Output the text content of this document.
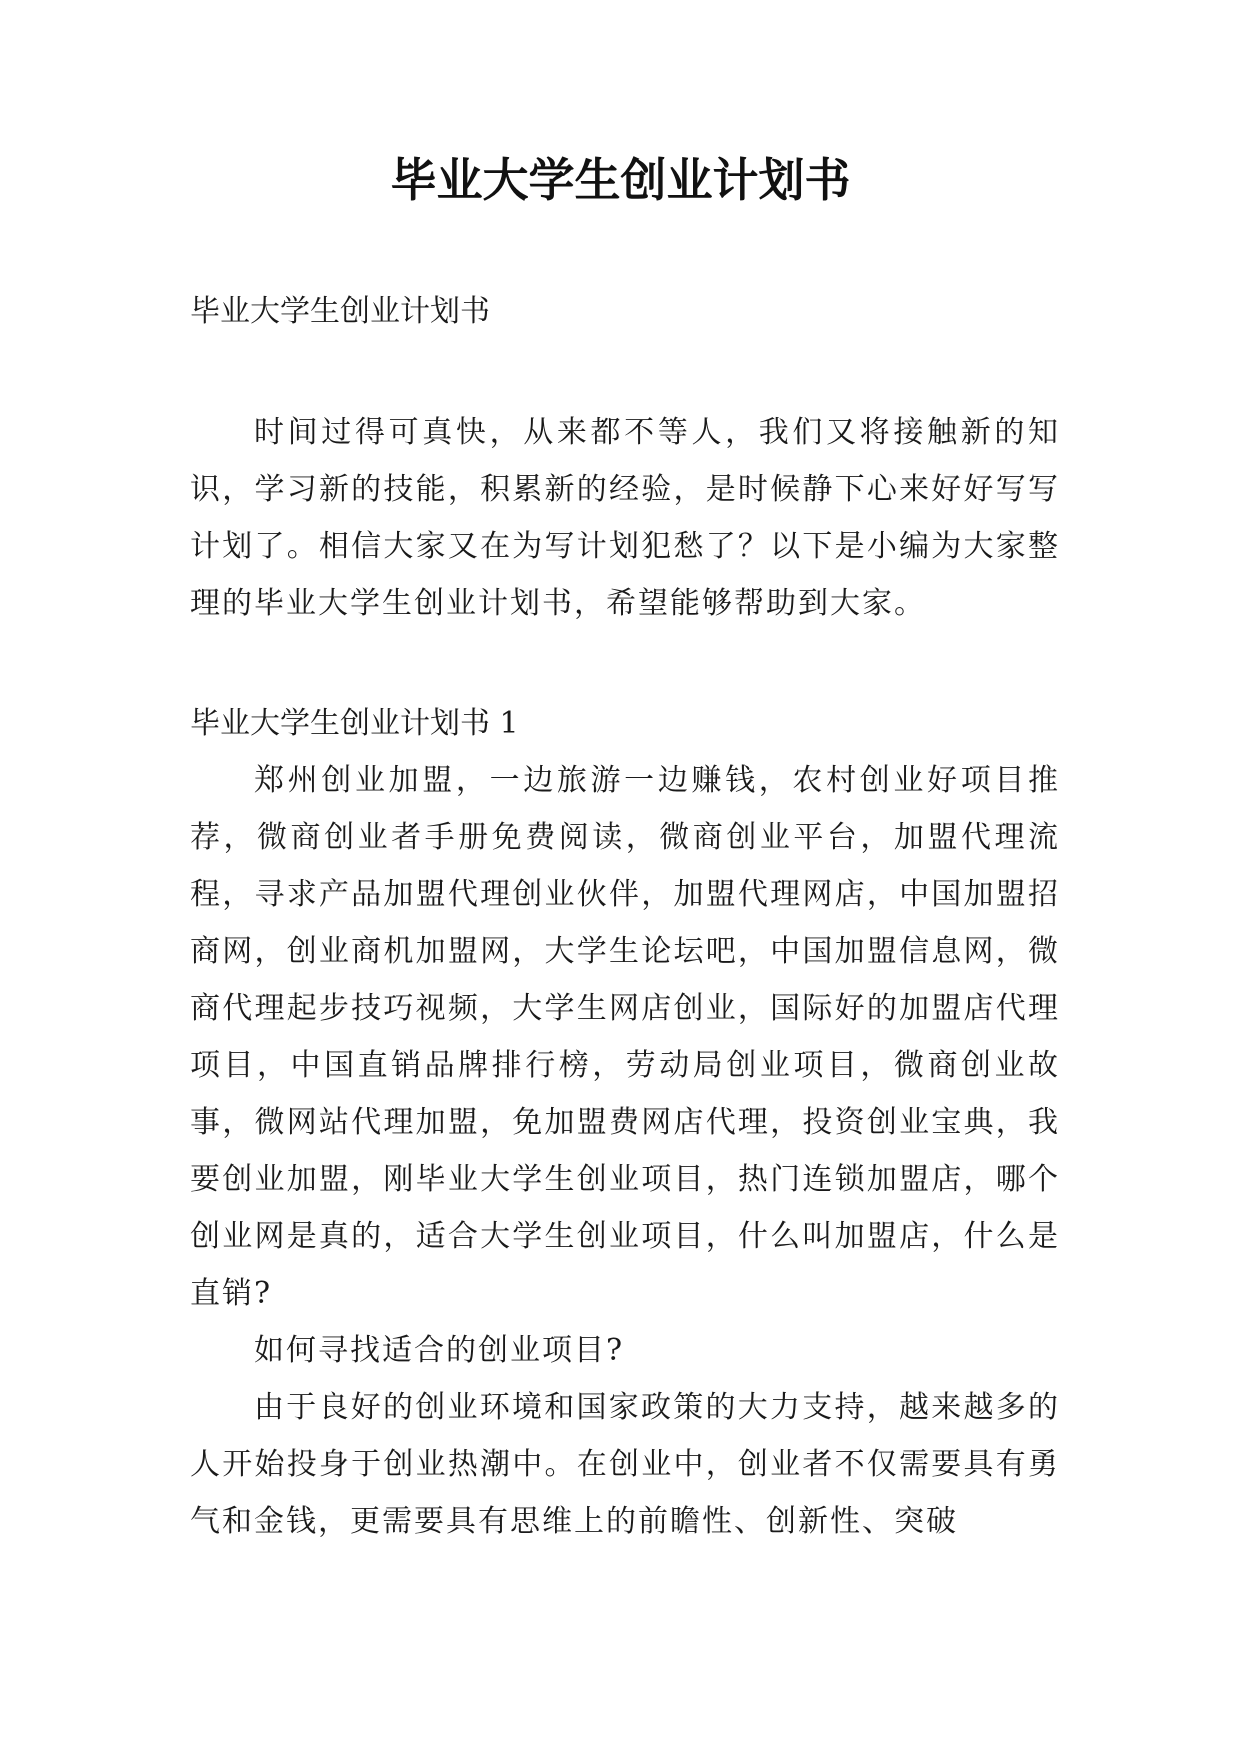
毕业大学生创业计划书

毕业大学生创业计划书

时间过得可真快，从来都不等人，我们又将接触新的知识，学习新的技能，积累新的经验，是时候静下心来好好写写计划了。相信大家又在为写计划犯愁了？以下是小编为大家整理的毕业大学生创业计划书，希望能够帮助到大家。

毕业大学生创业计划书 1

郑州创业加盟，一边旅游一边赚钱，农村创业好项目推荐，微商创业者手册免费阅读，微商创业平台，加盟代理流程，寻求产品加盟代理创业伙伴，加盟代理网店，中国加盟招商网，创业商机加盟网，大学生论坛吧，中国加盟信息网，微商代理起步技巧视频，大学生网店创业，国际好的加盟店代理项目，中国直销品牌排行榜，劳动局创业项目，微商创业故事，微网站代理加盟，免加盟费网店代理，投资创业宝典，我要创业加盟，刚毕业大学生创业项目，热门连锁加盟店，哪个创业网是真的，适合大学生创业项目，什么叫加盟店，什么是直销?

如何寻找适合的创业项目?

由于良好的创业环境和国家政策的大力支持，越来越多的人开始投身于创业热潮中。在创业中，创业者不仅需要具有勇气和金钱，更需要具有思维上的前瞻性、创新性、突破
